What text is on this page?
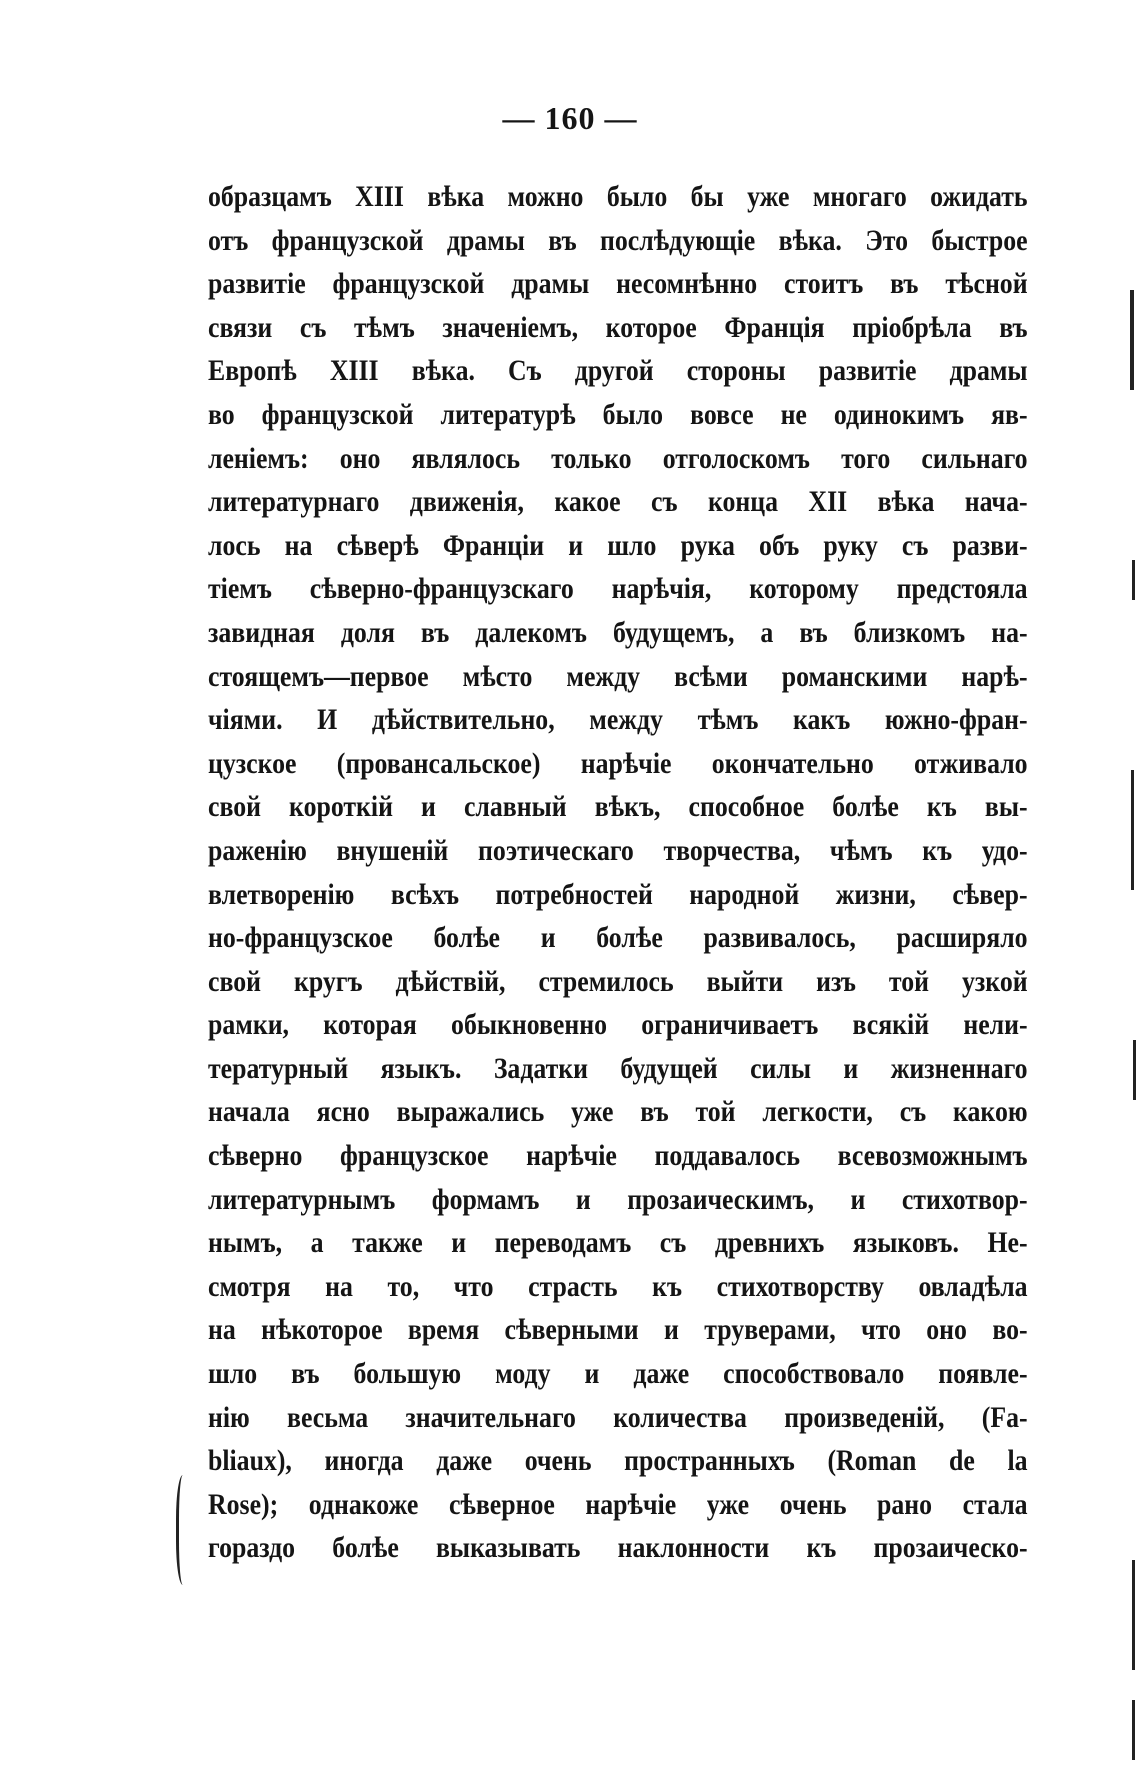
— 160 —
образцамъ XIII вѣка можно было бы уже многаго ожидать
отъ французской драмы въ послѣдующіе вѣка. Это быстрое
развитіе французской драмы несомнѣнно стоитъ въ тѣсной
связи съ тѣмъ значеніемъ, которое Франція пріобрѣла въ
Европѣ XIII вѣка. Съ другой стороны развитіе драмы
во французской литературѣ было вовсе не одинокимъ яв-
леніемъ: оно являлось только отголоскомъ того сильнаго
литературнаго движенія, какое съ конца XII вѣка нача-
лось на сѣверѣ Франціи и шло рука объ руку съ разви-
тіемъ сѣверно-французскаго нарѣчія, которому предстояла
завидная доля въ далекомъ будущемъ, а въ близкомъ на-
стоящемъ—первое мѣсто между всѣми романскими нарѣ-
чіями. И дѣйствительно, между тѣмъ какъ южно-фран-
цузское (провансальское) нарѣчіе окончательно отживало
свой короткій и славный вѣкъ, способное болѣе къ вы-
раженію внушеній поэтическаго творчества, чѣмъ къ удо-
влетворенію всѣхъ потребностей народной жизни, сѣвер-
но-французское болѣе и болѣе развивалось, расширяло
свой кругъ дѣйствій, стремилось выйти изъ той узкой
рамки, которая обыкновенно ограничиваетъ всякій нели-
тературный языкъ. Задатки будущей силы и жизненнаго
начала ясно выражались уже въ той легкости, съ какою
сѣверно французское нарѣчіе поддавалось всевозможнымъ
литературнымъ формамъ и прозаическимъ, и стихотвор-
нымъ, а также и переводамъ съ древнихъ языковъ. Не-
смотря на то, что страсть къ стихотворству овладѣла
на нѣкоторое время сѣверными и труверами, что оно во-
шло въ большую моду и даже способствовало появле-
нію весьма значительнаго количества произведеній, (Fa-
bliaux), иногда даже очень пространныхъ (Roman de la
Rose); однакоже сѣверное нарѣчіе уже очень рано стала
гораздо болѣе выказывать наклонности къ прозаическо-
